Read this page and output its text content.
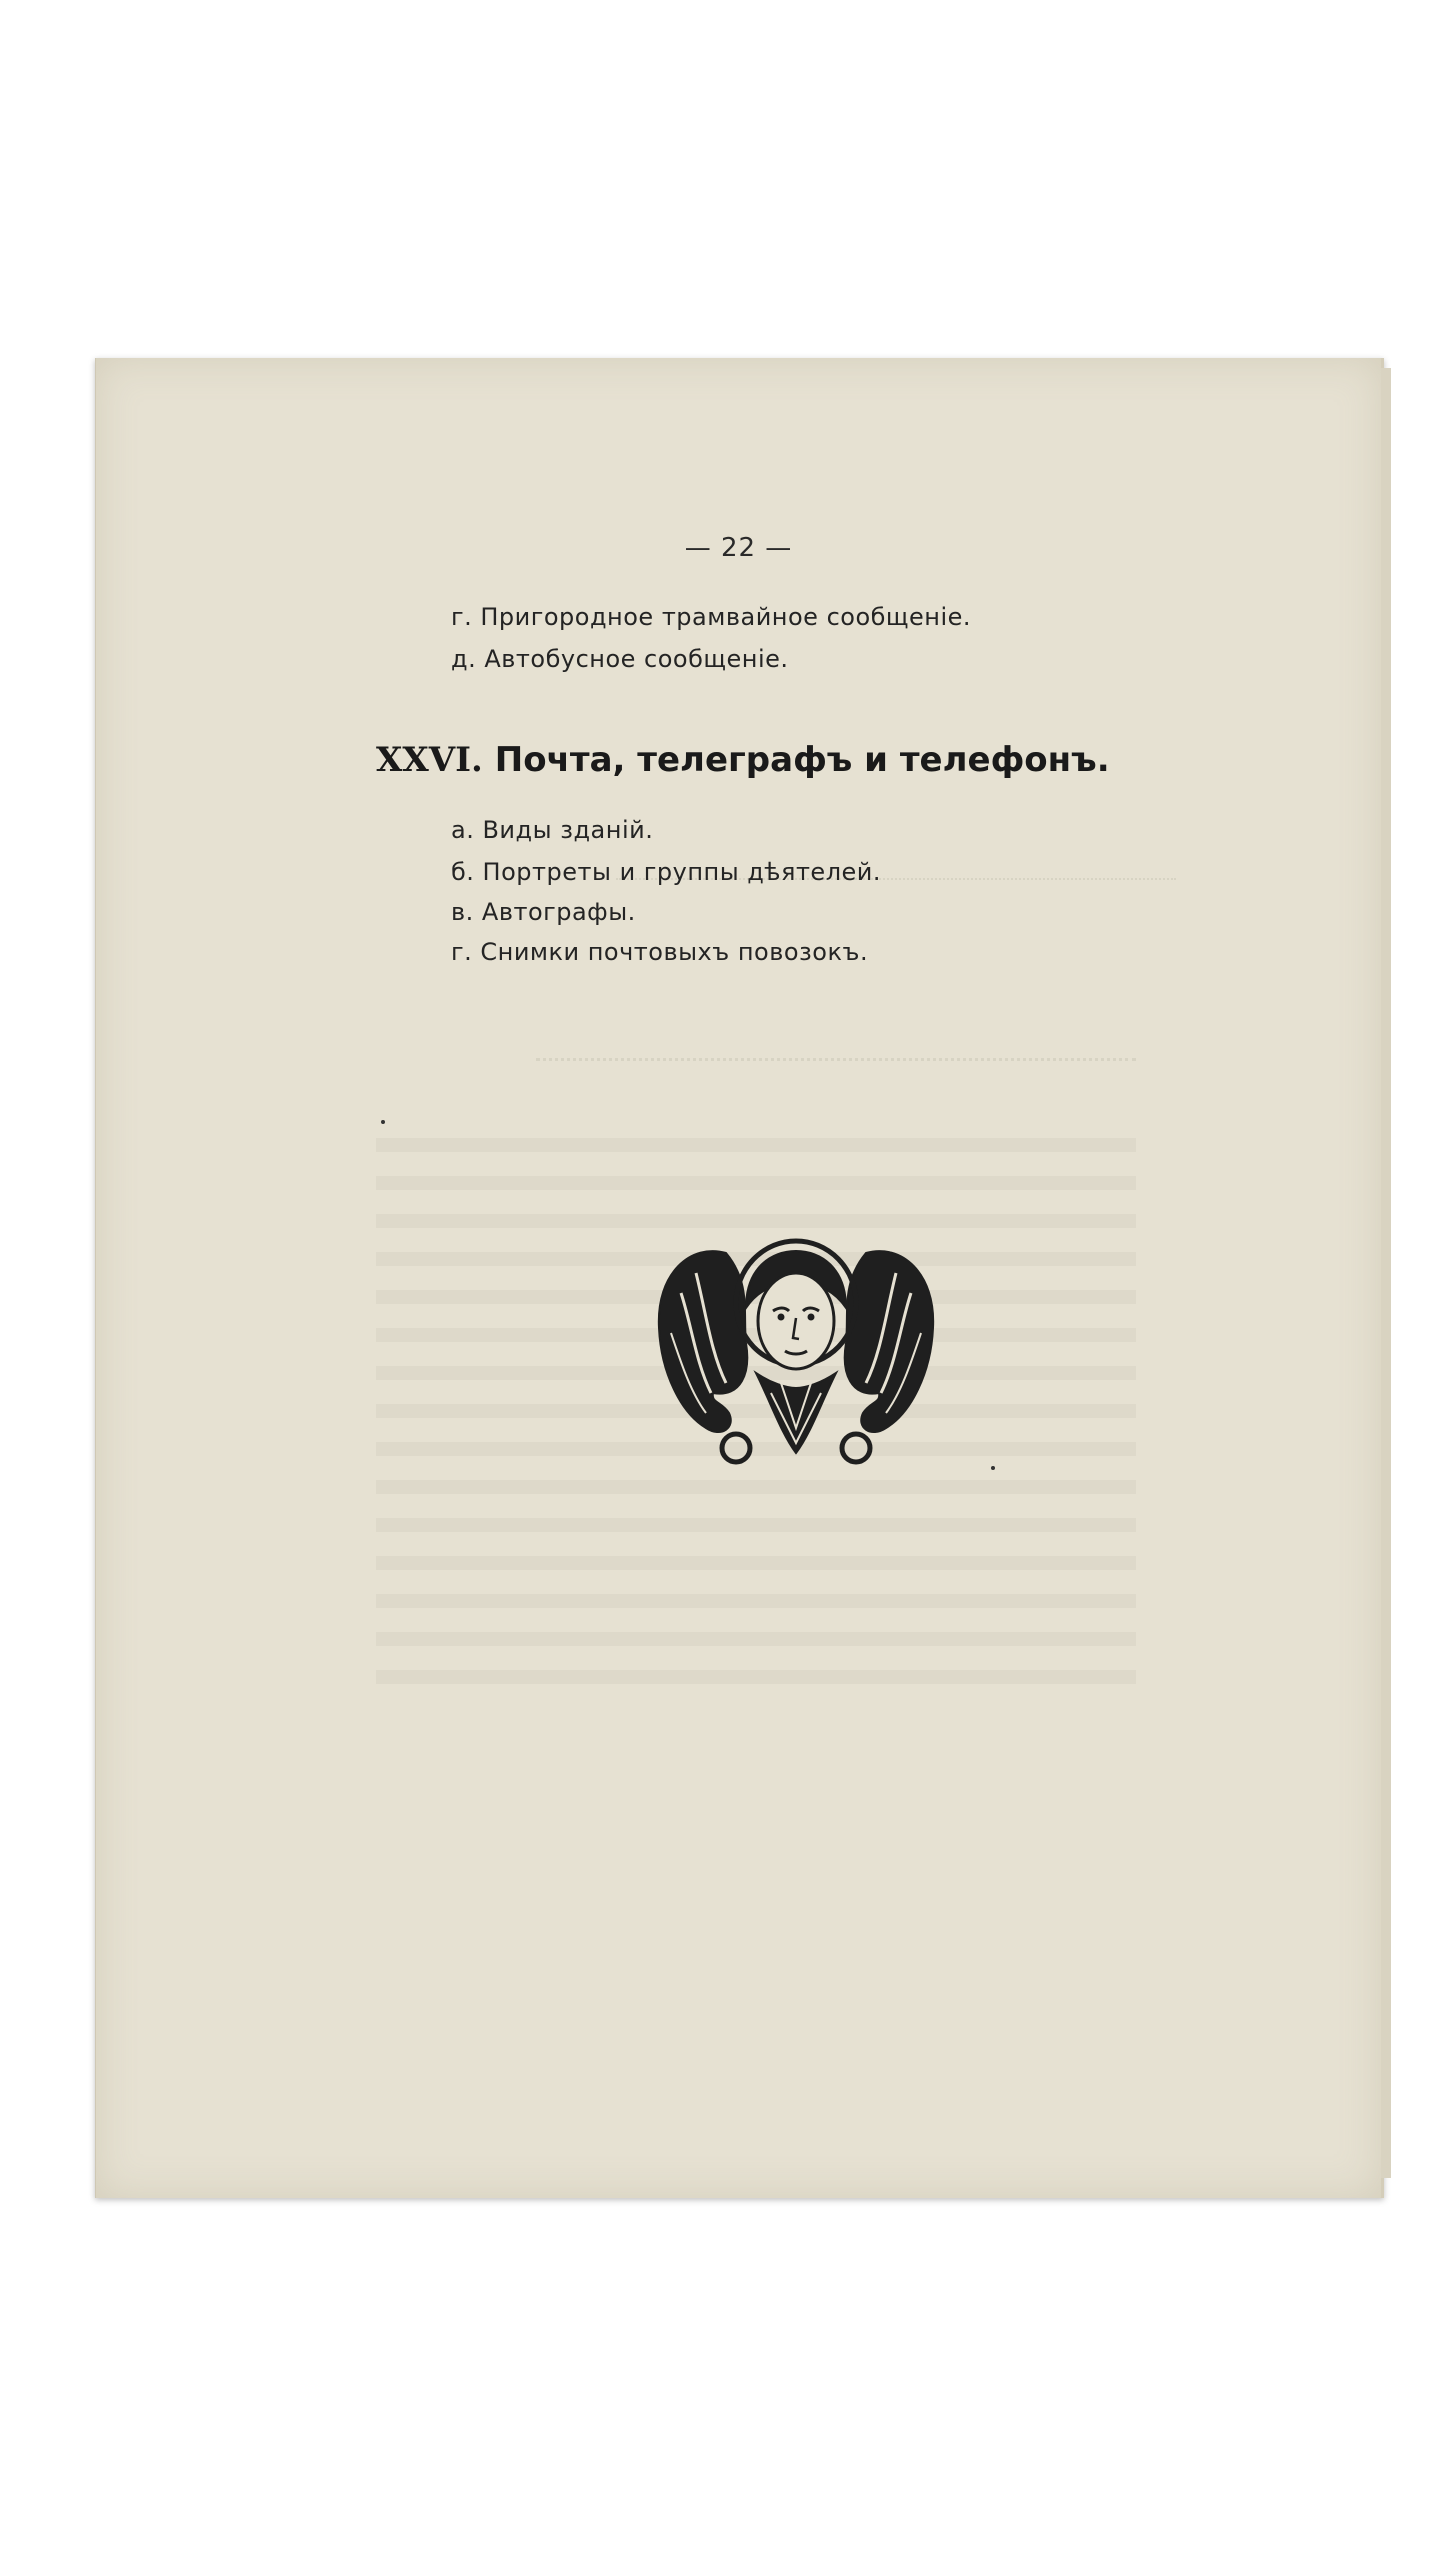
— 22 —
г. Пригородное трамвайное сообщенiе.
д. Автобусное сообщенiе.
XXVI. Почта, телеграфъ и телефонъ.
а. Виды зданiй.
б. Портреты и группы дѣятелей.
в. Автографы.
г. Снимки почтовыхъ повозокъ.
